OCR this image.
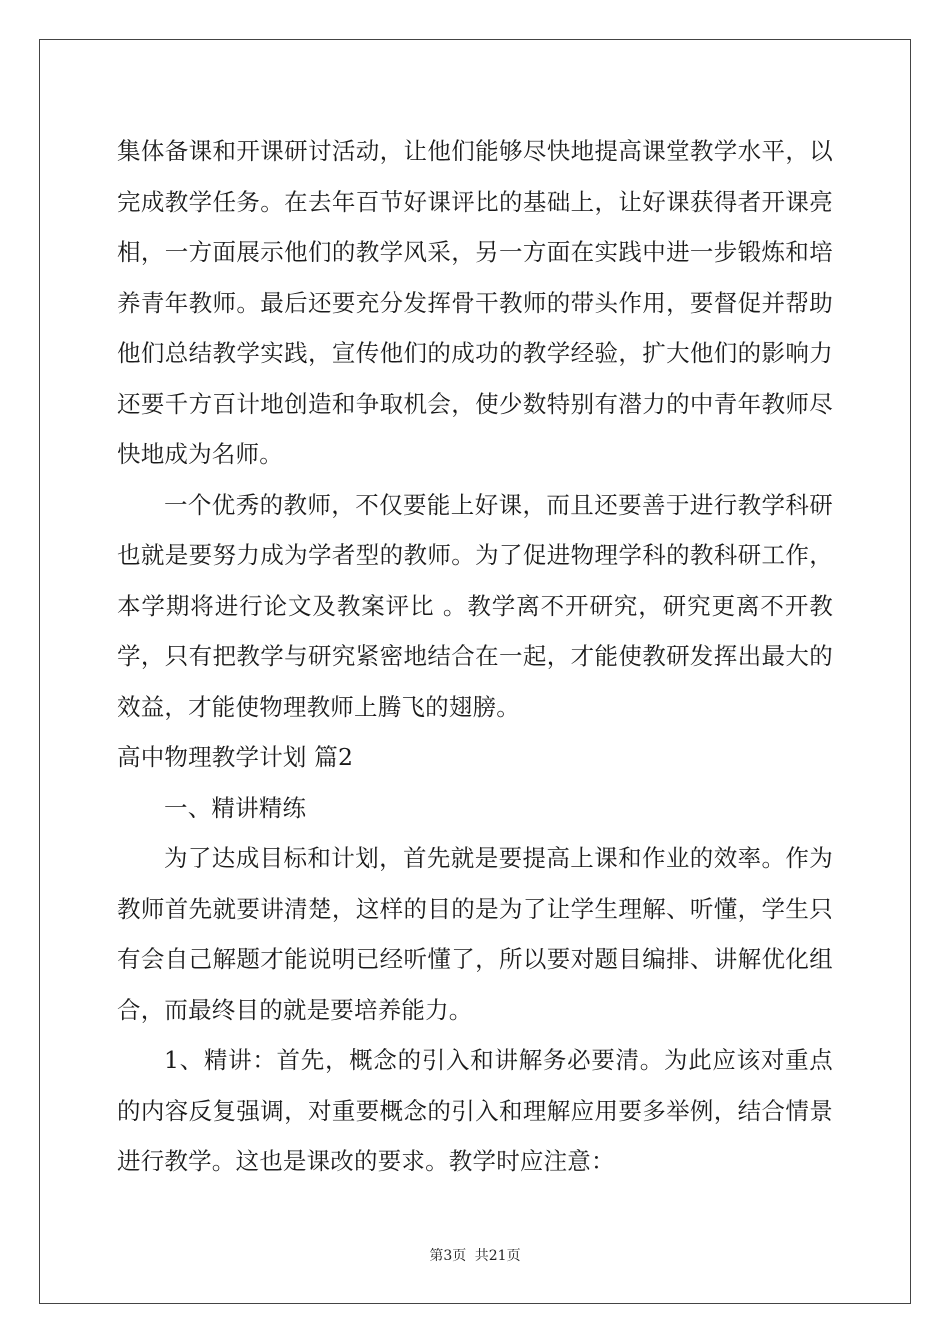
集体备课和开课研讨活动，让他们能够尽快地提高课堂教学水平，以完成教学任务。在去年百节好课评比的基础上，让好课获得者开课亮相，一方面展示他们的教学风采，另一方面在实践中进一步锻炼和培养青年教师。最后还要充分发挥骨干教师的带头作用，要督促并帮助他们总结教学实践，宣传他们的成功的教学经验，扩大他们的影响力还要千方百计地创造和争取机会，使少数特别有潜力的中青年教师尽快地成为名师。

一个优秀的教师，不仅要能上好课，而且还要善于进行教学科研也就是要努力成为学者型的教师。为了促进物理学科的教科研工作，本学期将进行论文及教案评比 。教学离不开研究，研究更离不开教学，只有把教学与研究紧密地结合在一起，才能使教研发挥出最大的效益，才能使物理教师上腾飞的翅膀。

高中物理教学计划 篇2

一、精讲精练

为了达成目标和计划，首先就是要提高上课和作业的效率。作为教师首先就要讲清楚，这样的目的是为了让学生理解、听懂，学生只有会自己解题才能说明已经听懂了，所以要对题目编排、讲解优化组合，而最终目的就是要培养能力。

1、精讲：首先，概念的引入和讲解务必要清。为此应该对重点的内容反复强调，对重要概念的引入和理解应用要多举例，结合情景进行教学。这也是课改的要求。教学时应注意：

第3页 共21页
